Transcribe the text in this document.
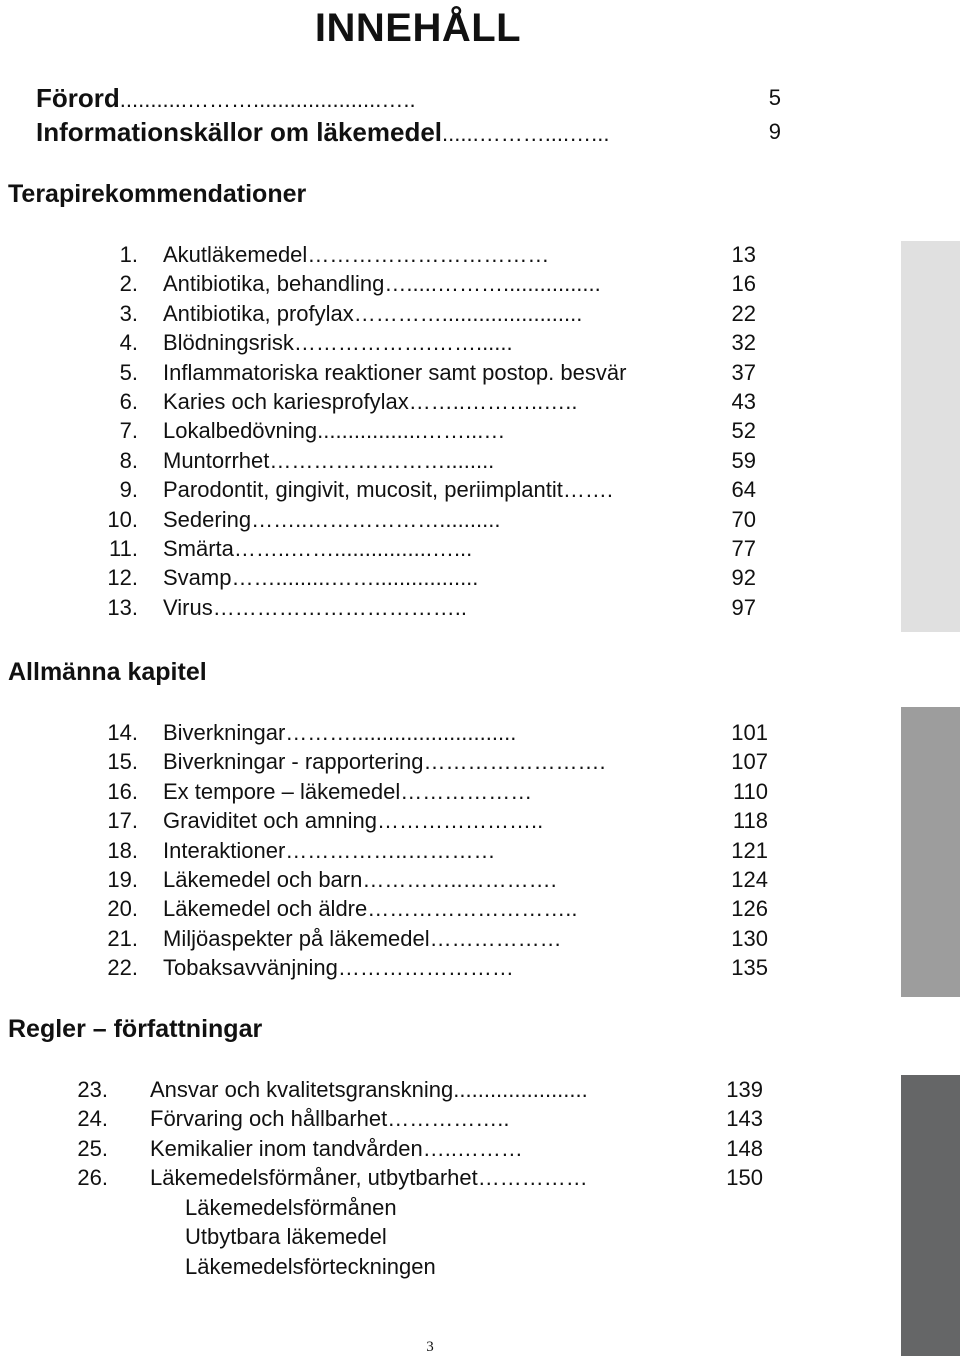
INNEHÅLL
Förord...........……….....................…..	5
Informationskällor om läkemedel......………....…...	9
Terapirekommendationer
1. Akutläkemedel……………………………	13
2. Antibiotika, behandling….....………................	16
3. Antibiotika, profylax………….......................	22
4. Blödningsrisk……………….……......	32
5. Inflammatoriska reaktioner samt postop. besvär	37
6. Karies och kariesprofylax……..………..…..	43
7. Lokalbedövning.................……...…	52
8. Muntorrhet……………………........	59
9. Parodontit, gingivit, mucosit, periimplantit…….	64
10. Sedering……..………………..........	70
11. Smärta……..……................…...	77
12. Svamp…….........…….................	92
13. Virus……………………………..	97
Allmänna kapitel
14. Biverkningar………...........................	101
15. Biverkningar - rapportering…………………….	107
16. Ex tempore – läkemedel………………	110
17. Graviditet och amning…………………..	118
18. Interaktioner……………..…………	121
19. Läkemedel och barn…………..………….	124
20. Läkemedel och äldre………………………..	126
21. Miljöaspekter på läkemedel………………	130
22. Tobaksavvänjning……………………	135
Regler – författningar
23. Ansvar och kvalitetsgranskning......................	139
24. Förvaring och hållbarhet……………..	143
25. Kemikalier inom tandvården…..………	148
26. Läkemedelsförmåner, utbytbarhet……………	150
Läkemedelsförmånen
Utbytbara läkemedel
Läkemedelsförteckningen
3
